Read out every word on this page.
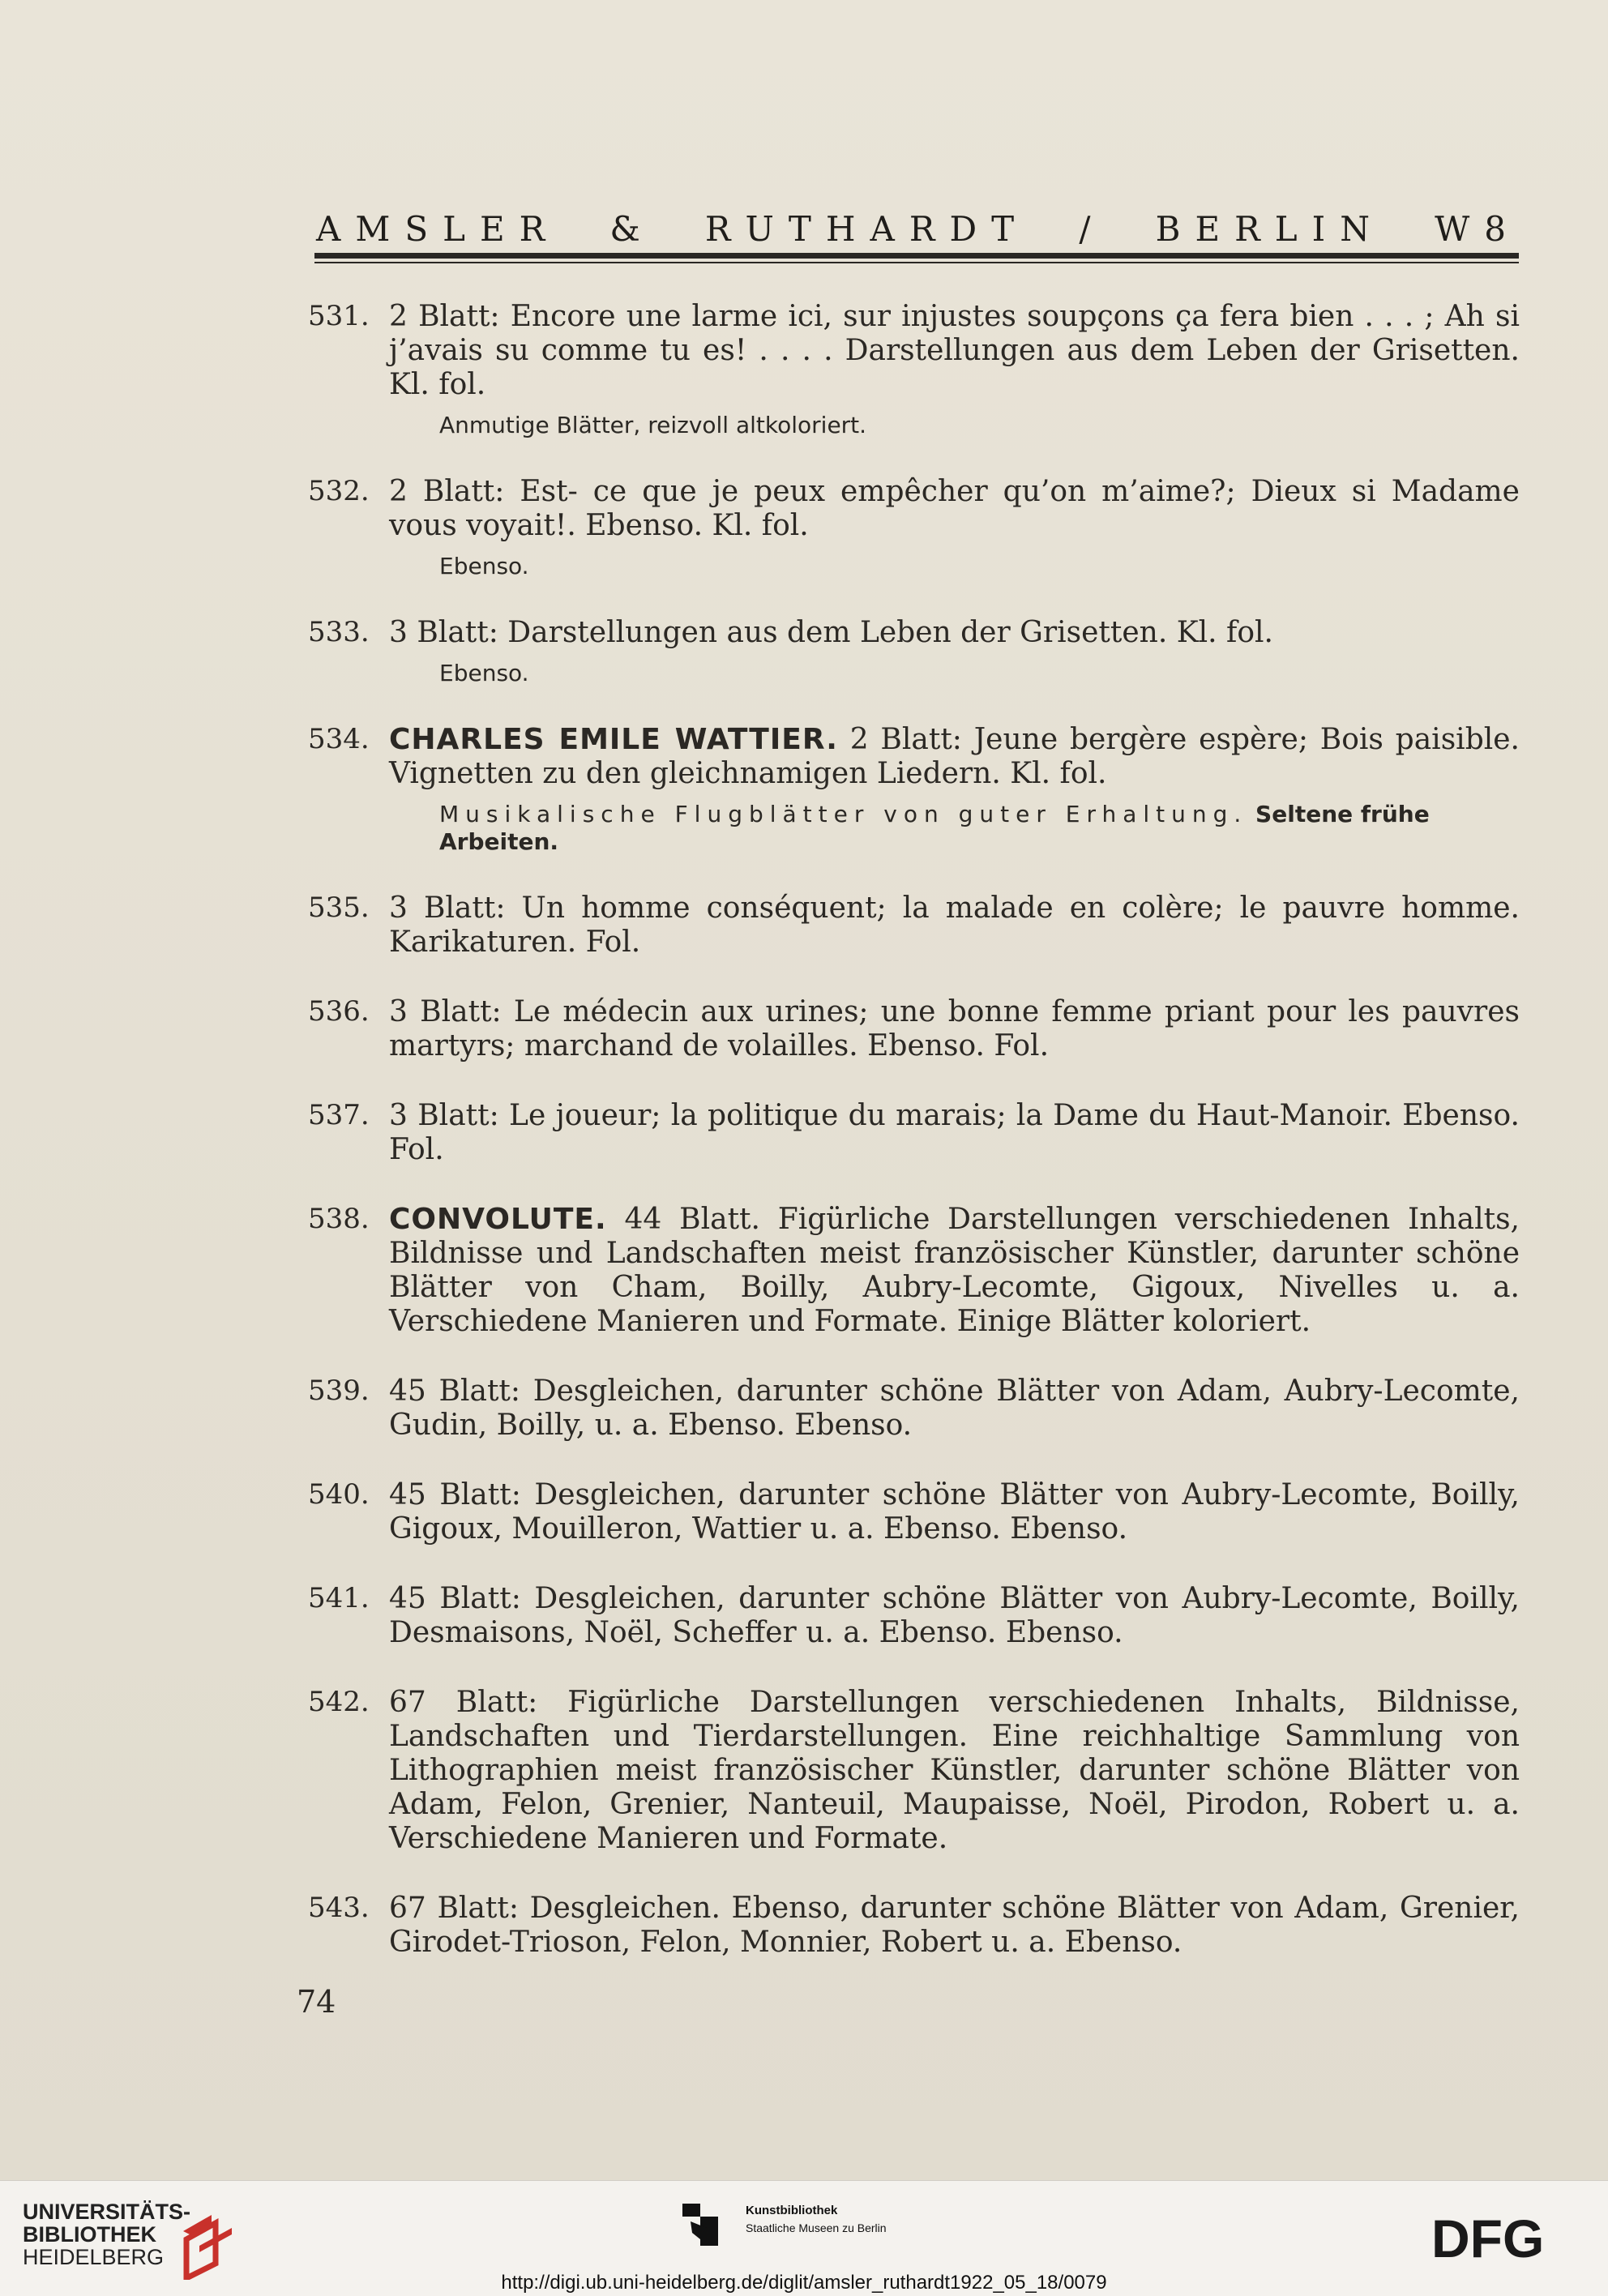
AMSLER & RUTHARDT / BERLIN W8
531. 2 Blatt: Encore une larme ici, sur injustes soupçons ça fera bien . . . ; Ah si j’avais su comme tu es! . . . . Darstellungen aus dem Leben der Grisetten. Kl. fol.
Anmutige Blätter, reizvoll altkoloriert.
532. 2 Blatt: Est- ce que je peux empêcher qu’on m’aime?; Dieux si Madame vous voyait!. Ebenso. Kl. fol.
Ebenso.
533. 3 Blatt: Darstellungen aus dem Leben der Grisetten. Kl. fol.
Ebenso.
534. CHARLES EMILE WATTIER. 2 Blatt: Jeune bergère espère; Bois paisible. Vignetten zu den gleichnamigen Liedern. Kl. fol.
Musikalische Flugblätter von guter Erhaltung. Seltene frühe Arbeiten.
535. 3 Blatt: Un homme conséquent; la malade en colère; le pauvre homme. Karikaturen. Fol.
536. 3 Blatt: Le médecin aux urines; une bonne femme priant pour les pauvres martyrs; marchand de volailles. Ebenso. Fol.
537. 3 Blatt: Le joueur; la politique du marais; la Dame du Haut-Manoir. Ebenso. Fol.
538. CONVOLUTE. 44 Blatt. Figürliche Darstellungen verschiedenen Inhalts, Bildnisse und Landschaften meist französischer Künstler, darunter schöne Blätter von Cham, Boilly, Aubry-Lecomte, Gigoux, Nivelles u. a. Verschiedene Manieren und Formate. Einige Blätter koloriert.
539. 45 Blatt: Desgleichen, darunter schöne Blätter von Adam, Aubry-Lecomte, Gudin, Boilly, u. a. Ebenso. Ebenso.
540. 45 Blatt: Desgleichen, darunter schöne Blätter von Aubry-Lecomte, Boilly, Gigoux, Mouilleron, Wattier u. a. Ebenso. Ebenso.
541. 45 Blatt: Desgleichen, darunter schöne Blätter von Aubry-Lecomte, Boilly, Desmaisons, Noël, Scheffer u. a. Ebenso. Ebenso.
542. 67 Blatt: Figürliche Darstellungen verschiedenen Inhalts, Bildnisse, Landschaften und Tierdarstellungen. Eine reichhaltige Sammlung von Lithographien meist französischer Künstler, darunter schöne Blätter von Adam, Felon, Grenier, Nanteuil, Maupaisse, Noël, Pirodon, Robert u. a. Verschiedene Manieren und Formate.
543. 67 Blatt: Desgleichen. Ebenso, darunter schöne Blätter von Adam, Grenier, Girodet-Trioson, Felon, Monnier, Robert u. a. Ebenso.
74
UNIVERSITÄTS-
BIBLIOTHEK
HEIDELBERG
Kunstbibliothek
Staatliche Museen zu Berlin	DFG
http://digi.ub.uni-heidelberg.de/diglit/amsler_ruthardt1922_05_18/0079
